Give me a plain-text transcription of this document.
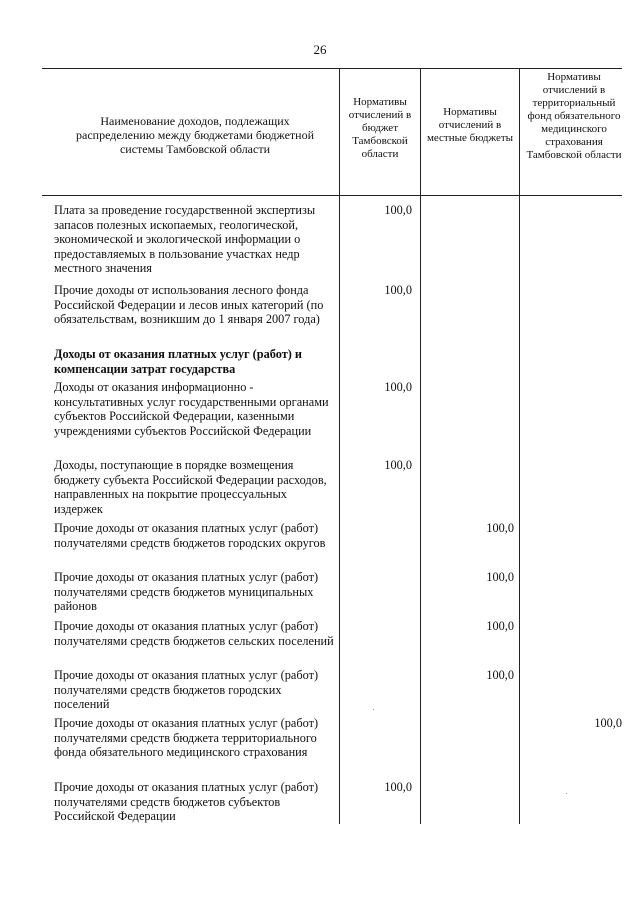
26
Наименование доходов, подлежащих распределению между бюджетами бюджетной системы Тамбовской области
Нормативы отчислений в бюджет Тамбовской области
Нормативы отчислений в местные бюджеты
Нормативы отчислений в территориальный фонд обязательного медицинского страхования Тамбовской области
Плата за проведение государственной экспертизы запасов полезных ископаемых, геологической, экономической и экологической информации о предоставляемых в пользование участках недр местного значения
100,0
Прочие доходы от использования лесного фонда Российской Федерации и лесов иных категорий (по обязательствам, возникшим до 1 января 2007 года)
100,0
Доходы от оказания платных услуг (работ) и компенсации затрат государства
Доходы от оказания информационно - консультативных услуг государственными органами субъектов Российской Федерации, казенными учреждениями субъектов Российской Федерации
100,0
Доходы, поступающие в порядке возмещения бюджету субъекта Российской Федерации расходов, направленных на покрытие процессуальных издержек
100,0
Прочие доходы от оказания платных услуг (работ) получателями средств бюджетов городских округов
100,0
Прочие доходы от оказания платных услуг (работ) получателями средств бюджетов муниципальных районов
100,0
Прочие доходы от оказания платных услуг (работ) получателями средств бюджетов сельских поселений
100,0
Прочие доходы от оказания платных услуг (работ) получателями средств бюджетов городских поселений
100,0
Прочие доходы от оказания платных услуг (работ) получателями средств бюджета территориального фонда обязательного медицинского страхования
100,0
Прочие доходы от оказания платных услуг (работ) получателями средств бюджетов субъектов Российской Федерации
100,0
